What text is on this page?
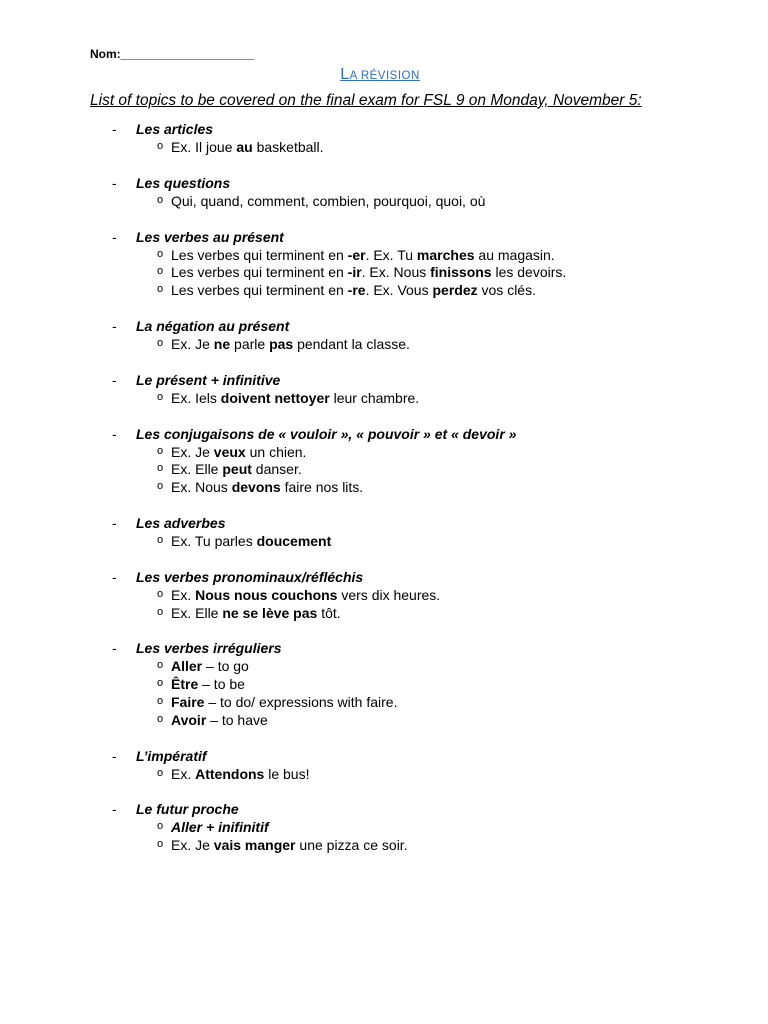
Nom:____________________
LA RÉVISION
List of topics to be covered on the final exam for FSL 9 on Monday, November 5:
- Les articles
o Ex. Il joue au basketball.
- Les questions
o Qui, quand, comment, combien, pourquoi, quoi, où
- Les verbes au présent
o Les verbes qui terminent en -er. Ex. Tu marches au magasin.
o Les verbes qui terminent en -ir. Ex. Nous finissons les devoirs.
o Les verbes qui terminent en -re. Ex. Vous perdez vos clés.
- La négation au présent
o Ex. Je ne parle pas pendant la classe.
- Le présent + infinitive
o Ex. Iels doivent nettoyer leur chambre.
- Les conjugaisons de « vouloir », « pouvoir » et « devoir »
o Ex. Je veux un chien.
o Ex. Elle peut danser.
o Ex. Nous devons faire nos lits.
- Les adverbes
o Ex. Tu parles doucement
- Les verbes pronominaux/réfléchis
o Ex. Nous nous couchons vers dix heures.
o Ex. Elle ne se lève pas tôt.
- Les verbes irréguliers
o Aller – to go
o Être – to be
o Faire – to do/ expressions with faire.
o Avoir – to have
- L’impératif
o Ex. Attendons le bus!
- Le futur proche
o Aller + inifinitif
o Ex. Je vais manger une pizza ce soir.
